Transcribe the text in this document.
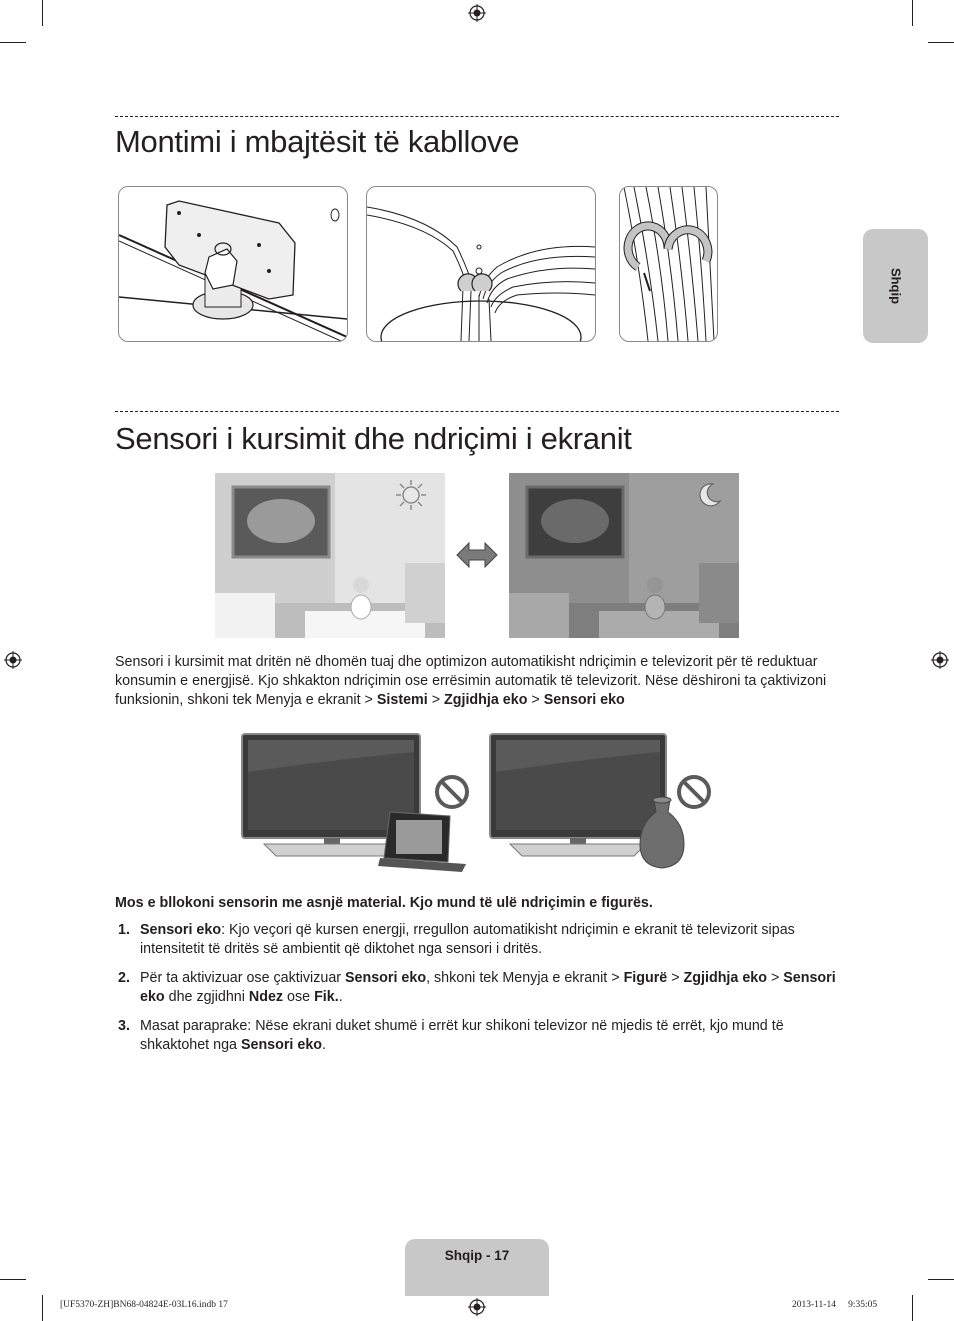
Shqip
Montimi i mbajtësit të kabllove
Sensori i kursimit dhe ndriçimi i ekranit
Sensori i kursimit mat dritën në dhomën tuaj dhe optimizon automatikisht ndriçimin e televizorit për të reduktuar konsumin e energjisë. Kjo shkakton ndriçimin ose errësimin automatik të televizorit. Nëse dëshironi ta çaktivizoni funksionin, shkoni tek Menyja e ekranit > Sistemi > Zgjidhja eko > Sensori eko
Mos e bllokoni sensorin me asnjë material. Kjo mund të ulë ndriçimin e figurës.
1. Sensori eko: Kjo veçori që kursen energji, rregullon automatikisht ndriçimin e ekranit të televizorit sipas intensitetit të dritës së ambientit që diktohet nga sensori i dritës.
2. Për ta aktivizuar ose çaktivizuar Sensori eko, shkoni tek Menyja e ekranit > Figurë > Zgjidhja eko > Sensori eko dhe zgjidhni Ndez ose Fik..
3. Masat paraprake: Nëse ekrani duket shumë i errët kur shikoni televizor në mjedis të errët, kjo mund të shkaktohet nga Sensori eko.
Shqip - 17
[UF5370-ZH]BN68-04824E-03L16.indb 17	2013-11-14   9:35:05
